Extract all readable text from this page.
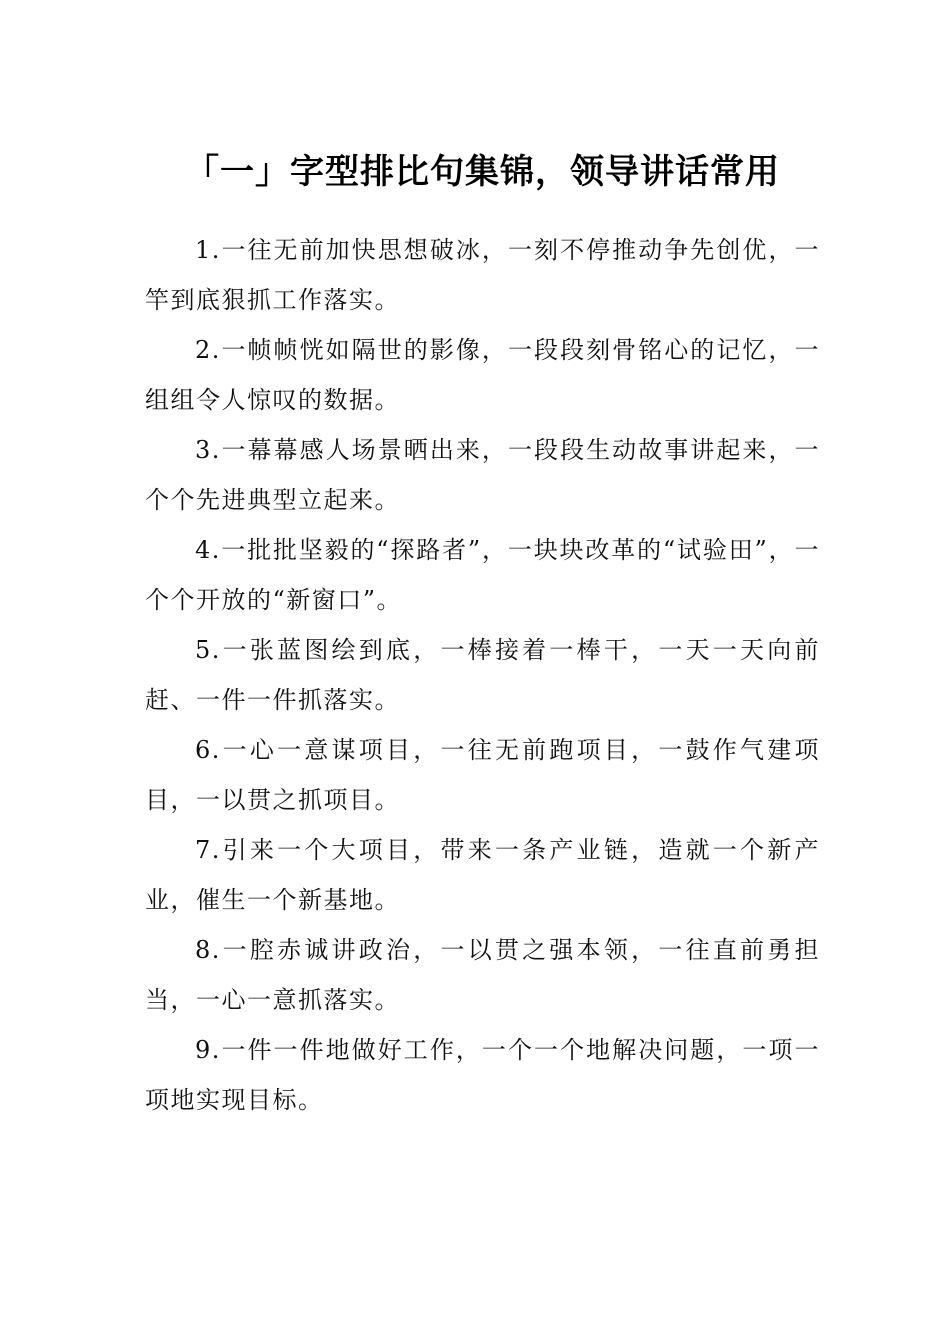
「一」字型排比句集锦，领导讲话常用

1.一往无前加快思想破冰，一刻不停推动争先创优，一竿到底狠抓工作落实。

2.一帧帧恍如隔世的影像，一段段刻骨铭心的记忆，一组组令人惊叹的数据。

3.一幕幕感人场景晒出来，一段段生动故事讲起来，一个个先进典型立起来。

4.一批批坚毅的“探路者”，一块块改革的“试验田”，一个个开放的“新窗口”。

5.一张蓝图绘到底，一棒接着一棒干，一天一天向前赶、一件一件抓落实。

6.一心一意谋项目，一往无前跑项目，一鼓作气建项目，一以贯之抓项目。

7.引来一个大项目，带来一条产业链，造就一个新产业，催生一个新基地。

8.一腔赤诚讲政治，一以贯之强本领，一往直前勇担当，一心一意抓落实。

9.一件一件地做好工作，一个一个地解决问题，一项一项地实现目标。
